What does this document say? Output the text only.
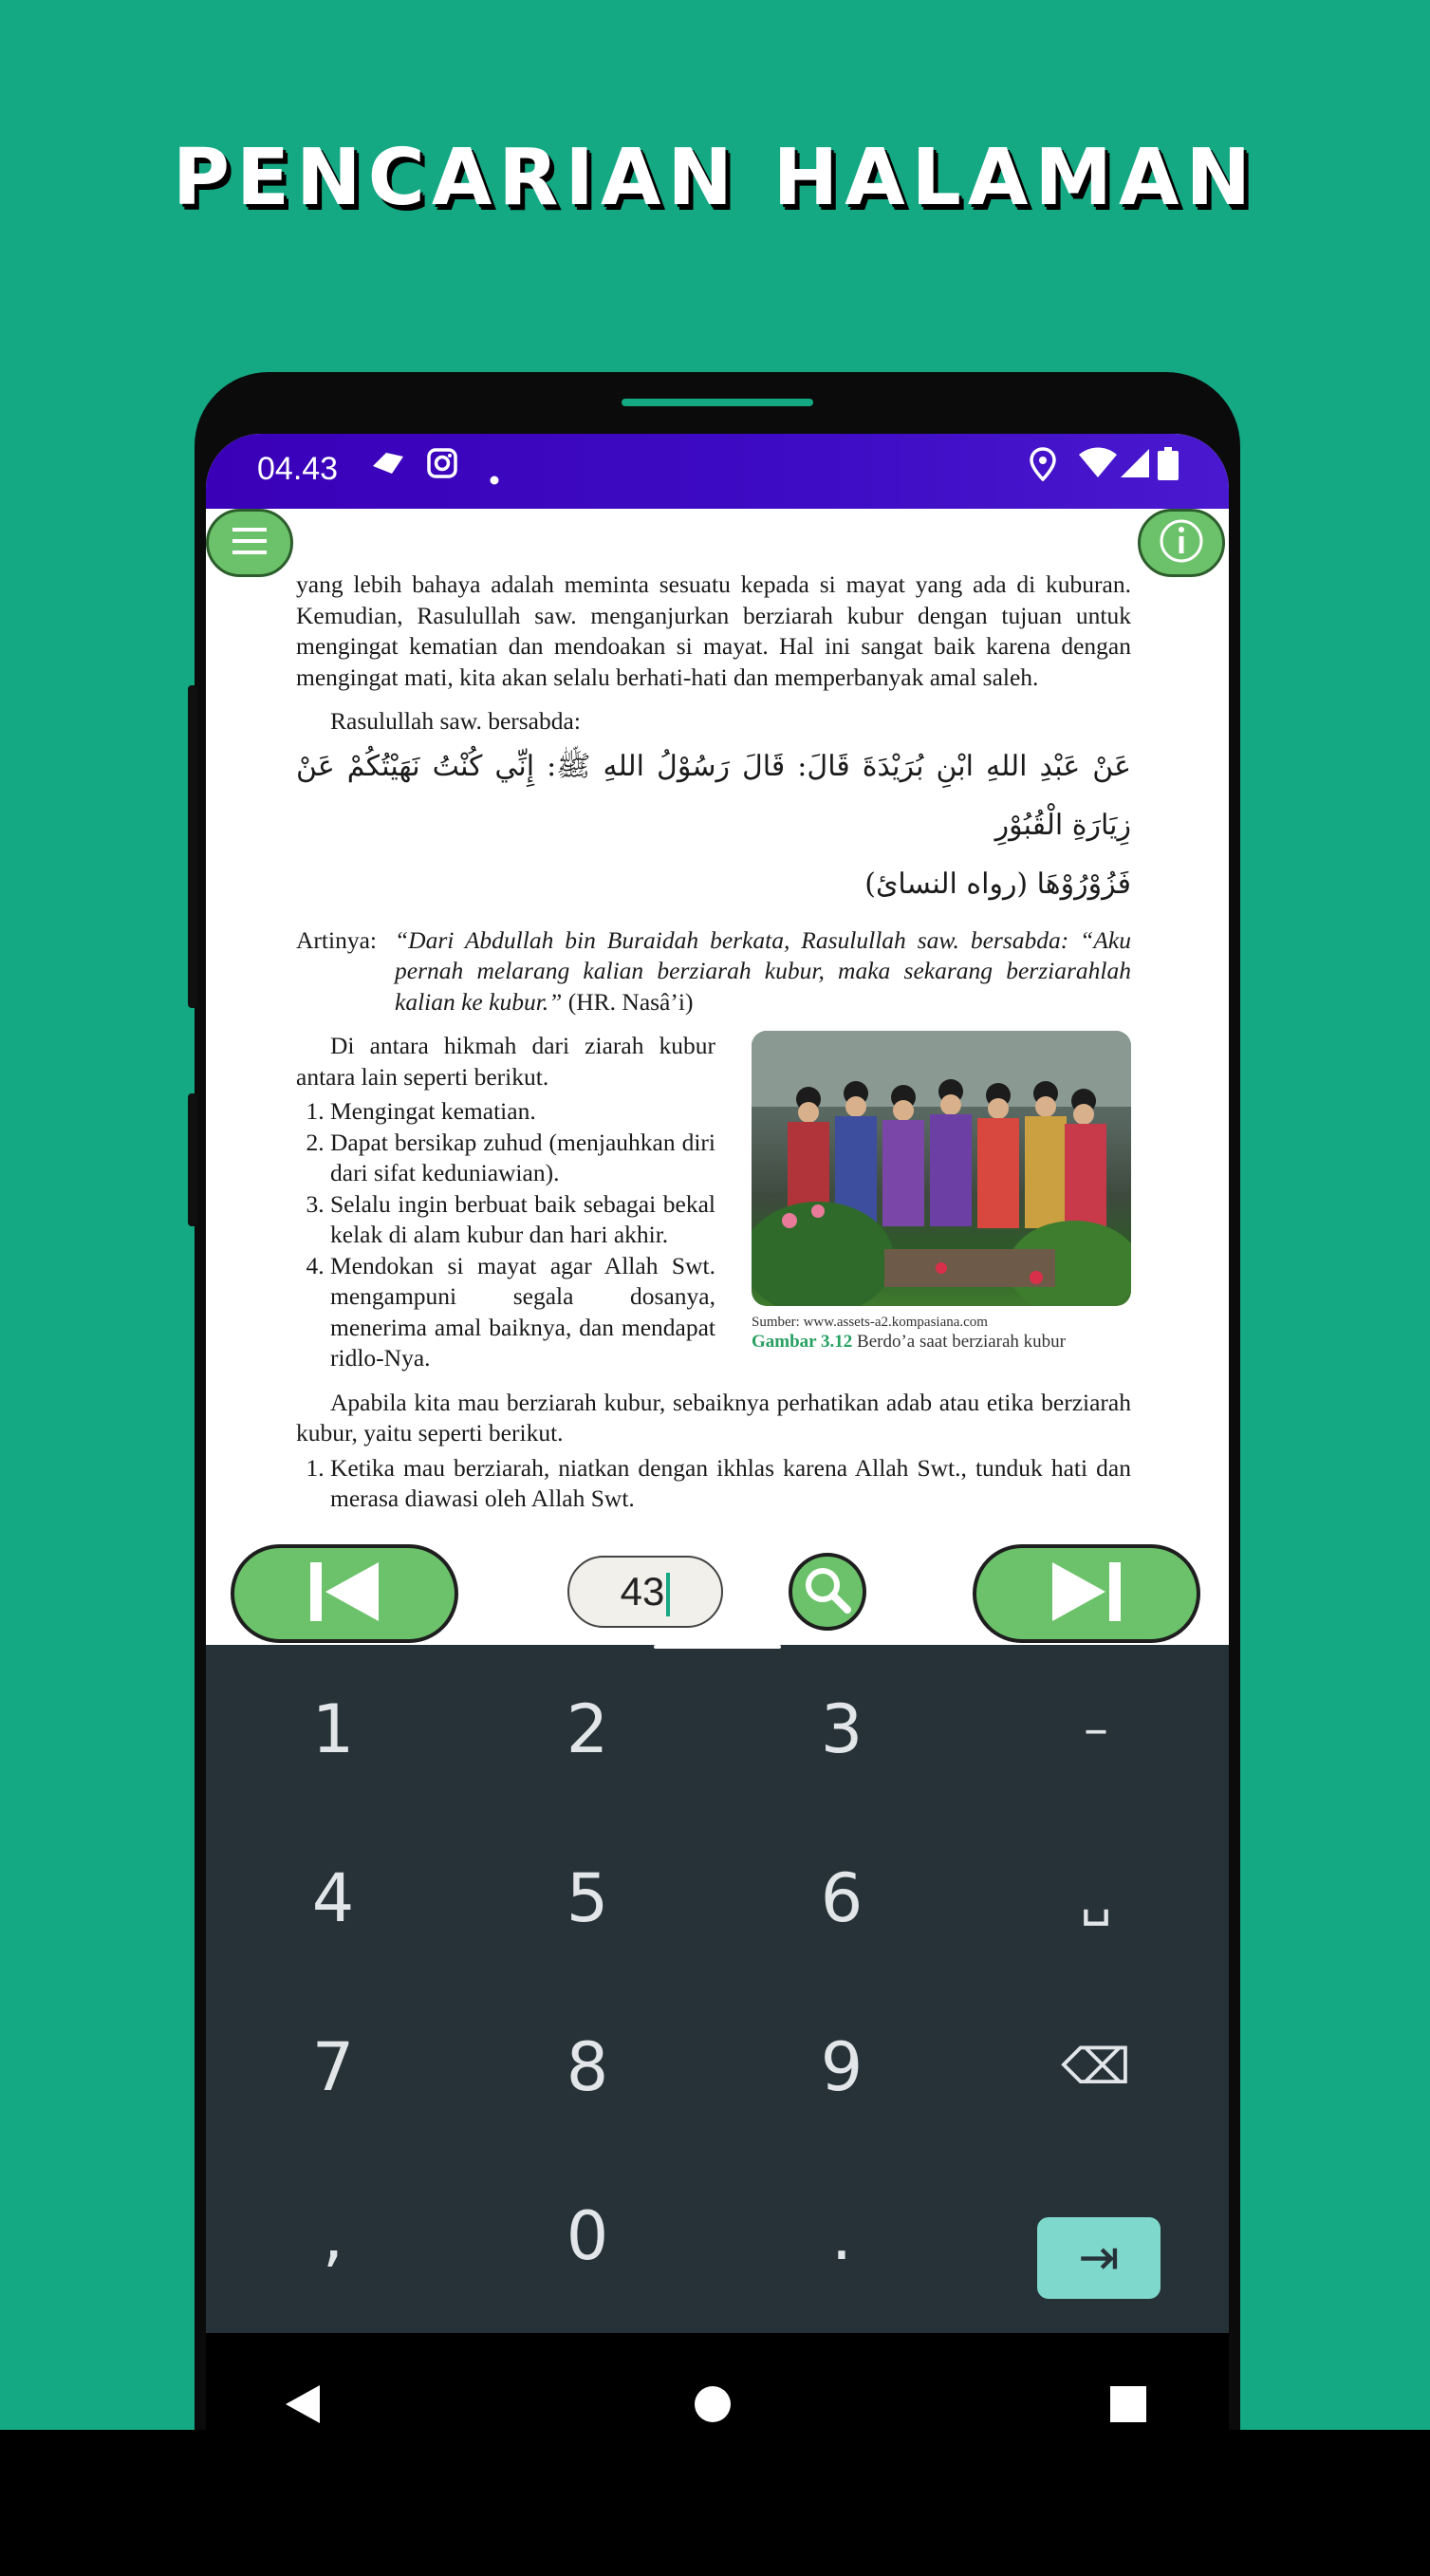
PENCARIAN HALAMAN
04.43

yang lebih bahaya adalah meminta sesuatu kepada si mayat yang ada di kuburan. Kemudian, Rasulullah saw. menganjurkan berziarah kubur dengan tujuan untuk mengingat kematian dan mendoakan si mayat. Hal ini sangat baik karena dengan mengingat mati, kita akan selalu berhati-hati dan memperbanyak amal saleh.

Rasulullah saw. bersabda:

عَنْ عَبْدِ اللهِ ابْنِ بُرَيْدَةَ قَالَ: قَالَ رَسُوْلُ اللهِ ﷺ: إِنِّي كُنْتُ نَهَيْتُكُمْ عَنْ زِيَارَةِ الْقُبُوْرِ

فَزُوْرُوْهَا (رواه النسائ)

Artinya: “Dari Abdullah bin Buraidah berkata, Rasulullah saw. bersabda: “Aku pernah melarang kalian berziarah kubur, maka sekarang berziarahlah kalian ke kubur.” (HR. Nasâ’i)

Di antara hikmah dari ziarah kubur antara lain seperti berikut.

1. Mengingat kematian.
2. Dapat bersikap zuhud (menjauhkan diri dari sifat keduniawian).
3. Selalu ingin berbuat baik sebagai bekal kelak di alam kubur dan hari akhir.
4. Mendokan si mayat agar Allah Swt. mengampuni segala dosanya, menerima amal baiknya, dan mendapat ridlo-Nya.
Sumber: www.assets-a2.kompasiana.com
Gambar 3.12 Berdo’a saat berziarah kubur

Apabila kita mau berziarah kubur, sebaiknya perhatikan adab atau etika berziarah kubur, yaitu seperti berikut.

1. Ketika mau berziarah, niatkan dengan ikhlas karena Allah Swt., tunduk hati dan merasa diawasi oleh Allah Swt.
43
1	2	3	–
4	5	6	␣
7	8	9	⌫
,	0	.	⇥
